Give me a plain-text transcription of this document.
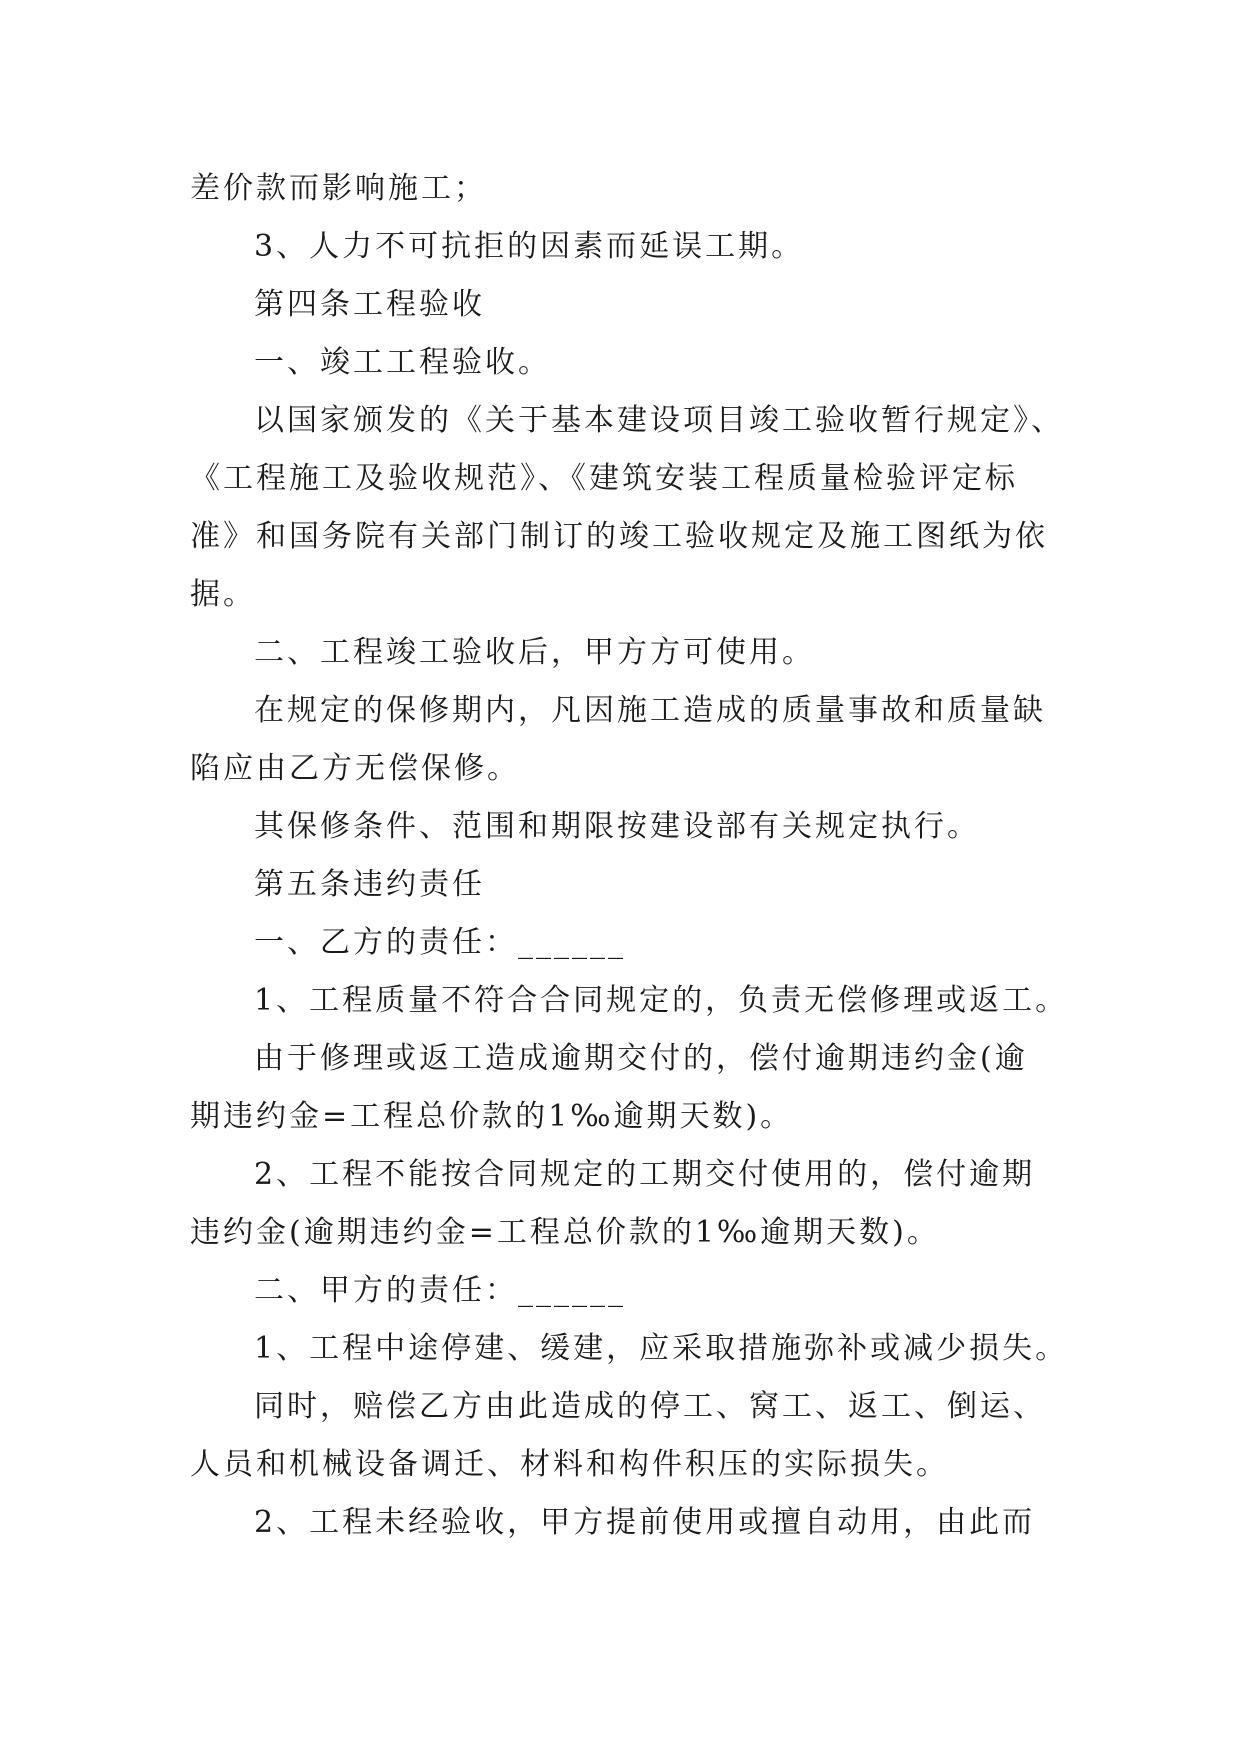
差价款而影响施工；
3、人力不可抗拒的因素而延误工期。
第四条工程验收
一、竣工工程验收。
以国家颁发的《关于基本建设项目竣工验收暂行规定》、
《工程施工及验收规范》、《建筑安装工程质量检验评定标
准》和国务院有关部门制订的竣工验收规定及施工图纸为依
据。
二、工程竣工验收后，甲方方可使用。
在规定的保修期内，凡因施工造成的质量事故和质量缺
陷应由乙方无偿保修。
其保修条件、范围和期限按建设部有关规定执行。
第五条违约责任
一、乙方的责任：______
1、工程质量不符合合同规定的，负责无偿修理或返工。
由于修理或返工造成逾期交付的，偿付逾期违约金(逾
期违约金=工程总价款的1‰逾期天数)。
2、工程不能按合同规定的工期交付使用的，偿付逾期
违约金(逾期违约金=工程总价款的1‰逾期天数)。
二、甲方的责任：______
1、工程中途停建、缓建，应采取措施弥补或减少损失。
同时，赔偿乙方由此造成的停工、窝工、返工、倒运、
人员和机械设备调迁、材料和构件积压的实际损失。
2、工程未经验收，甲方提前使用或擅自动用，由此而
